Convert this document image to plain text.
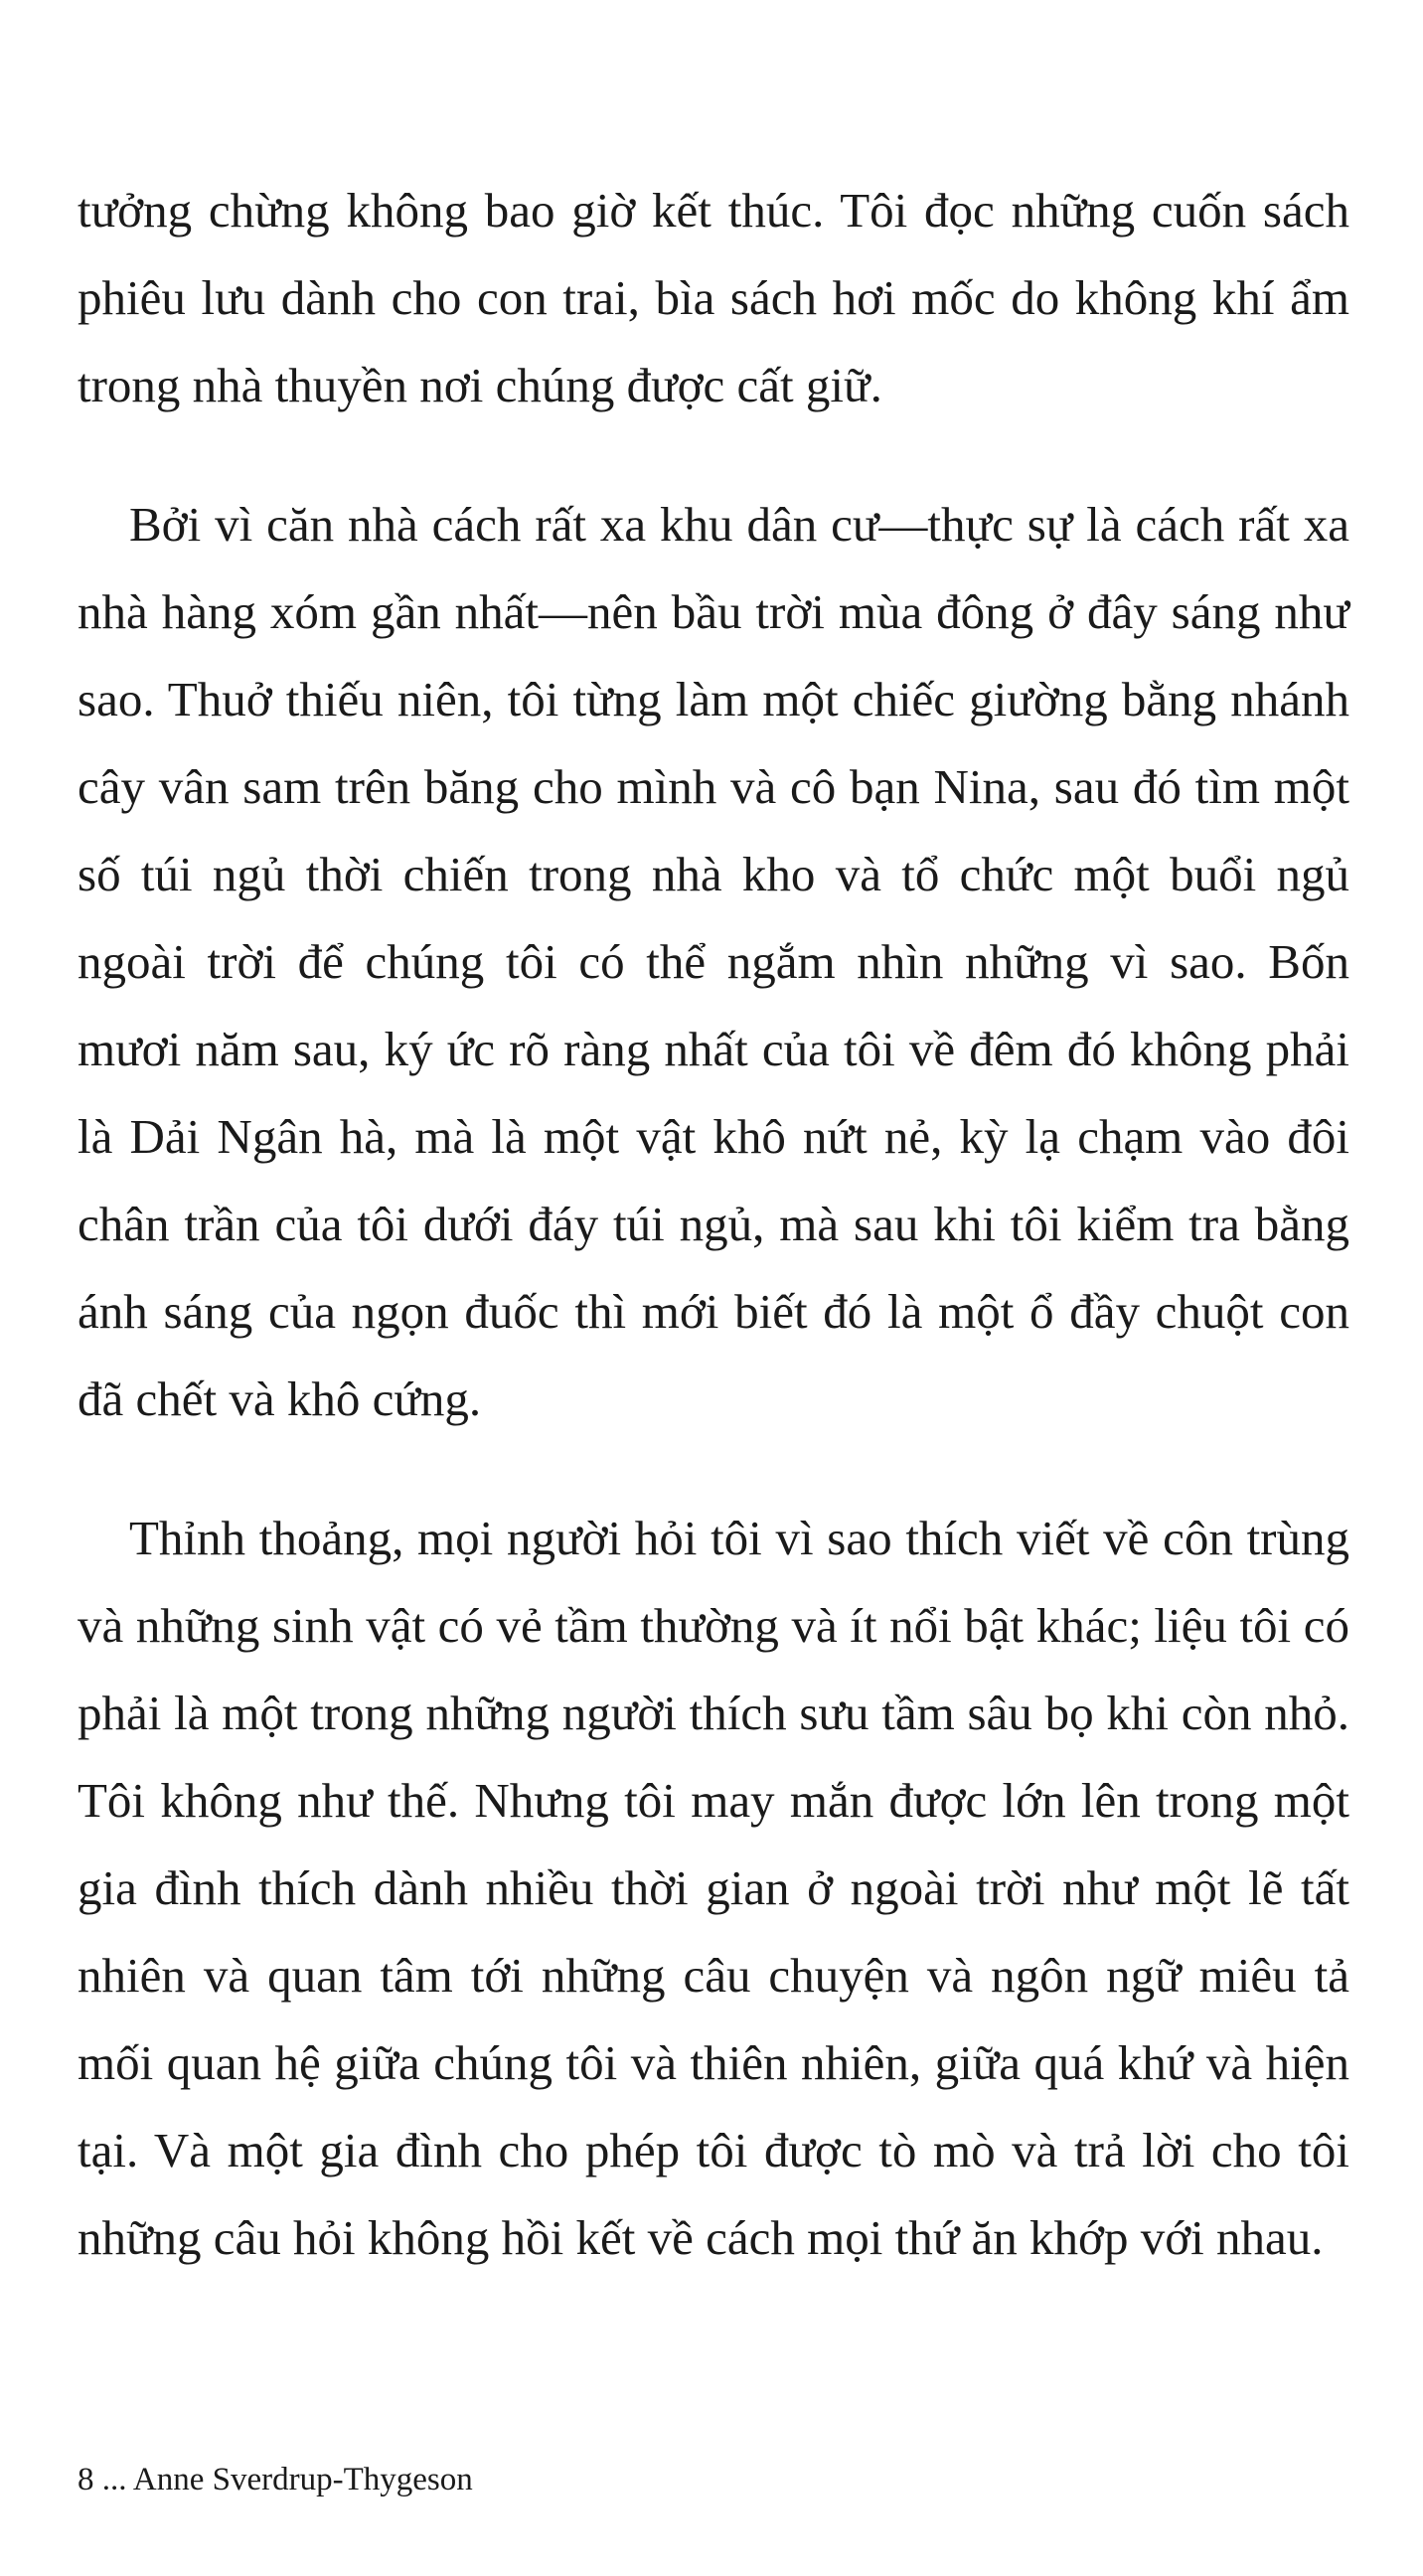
tưởng chừng không bao giờ kết thúc. Tôi đọc những cuốn sách phiêu lưu dành cho con trai, bìa sách hơi mốc do không khí ẩm trong nhà thuyền nơi chúng được cất giữ.

Bởi vì căn nhà cách rất xa khu dân cư—thực sự là cách rất xa nhà hàng xóm gần nhất—nên bầu trời mùa đông ở đây sáng như sao. Thuở thiếu niên, tôi từng làm một chiếc giường bằng nhánh cây vân sam trên băng cho mình và cô bạn Nina, sau đó tìm một số túi ngủ thời chiến trong nhà kho và tổ chức một buổi ngủ ngoài trời để chúng tôi có thể ngắm nhìn những vì sao. Bốn mươi năm sau, ký ức rõ ràng nhất của tôi về đêm đó không phải là Dải Ngân hà, mà là một vật khô nứt nẻ, kỳ lạ chạm vào đôi chân trần của tôi dưới đáy túi ngủ, mà sau khi tôi kiểm tra bằng ánh sáng của ngọn đuốc thì mới biết đó là một ổ đầy chuột con đã chết và khô cứng.

Thỉnh thoảng, mọi người hỏi tôi vì sao thích viết về côn trùng và những sinh vật có vẻ tầm thường và ít nổi bật khác; liệu tôi có phải là một trong những người thích sưu tầm sâu bọ khi còn nhỏ. Tôi không như thế. Nhưng tôi may mắn được lớn lên trong một gia đình thích dành nhiều thời gian ở ngoài trời như một lẽ tất nhiên và quan tâm tới những câu chuyện và ngôn ngữ miêu tả mối quan hệ giữa chúng tôi và thiên nhiên, giữa quá khứ và hiện tại. Và một gia đình cho phép tôi được tò mò và trả lời cho tôi những câu hỏi không hồi kết về cách mọi thứ ăn khớp với nhau.

8 ... Anne Sverdrup-Thygeson
